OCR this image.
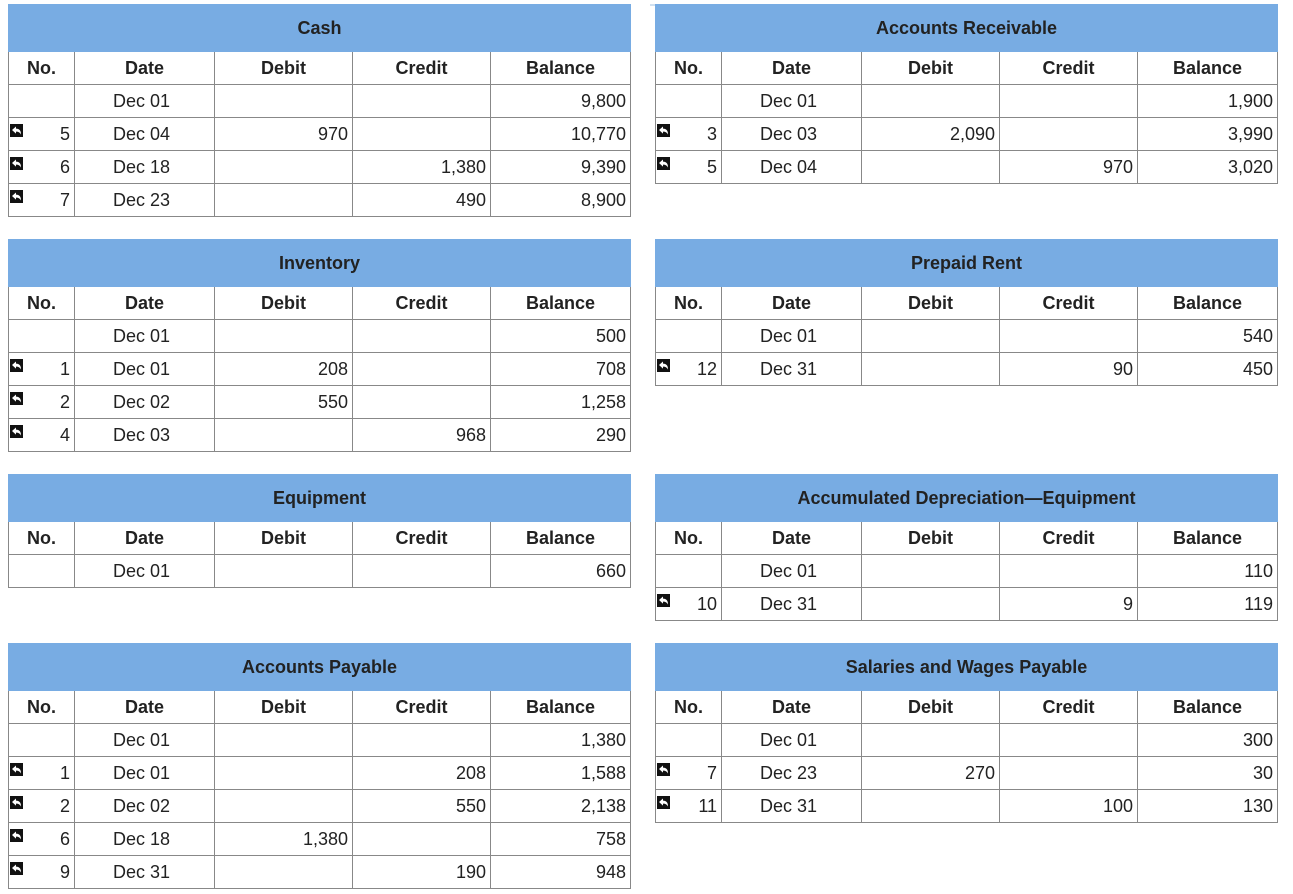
Cash				
No.	Date	Debit	Credit	Balance
	Dec 01			9,800

5	Dec 04	970		10,770

6	Dec 18		1,380	9,390

7	Dec 23		490	8,900
Accounts Receivable				
No.	Date	Debit	Credit	Balance
	Dec 01			1,900

3	Dec 03	2,090		3,990

5	Dec 04		970	3,020
Inventory				
No.	Date	Debit	Credit	Balance
	Dec 01			500

1	Dec 01	208		708

2	Dec 02	550		1,258

4	Dec 03		968	290
Prepaid Rent				
No.	Date	Debit	Credit	Balance
	Dec 01			540

12	Dec 31		90	450
Equipment				
No.	Date	Debit	Credit	Balance
	Dec 01			660
Accumulated Depreciation—Equipment				
No.	Date	Debit	Credit	Balance
	Dec 01			110

10	Dec 31		9	119
Accounts Payable				
No.	Date	Debit	Credit	Balance
	Dec 01			1,380

1	Dec 01		208	1,588

2	Dec 02		550	2,138

6	Dec 18	1,380		758

9	Dec 31		190	948
Salaries and Wages Payable				
No.	Date	Debit	Credit	Balance
	Dec 01			300

7	Dec 23	270		30

11	Dec 31		100	130
